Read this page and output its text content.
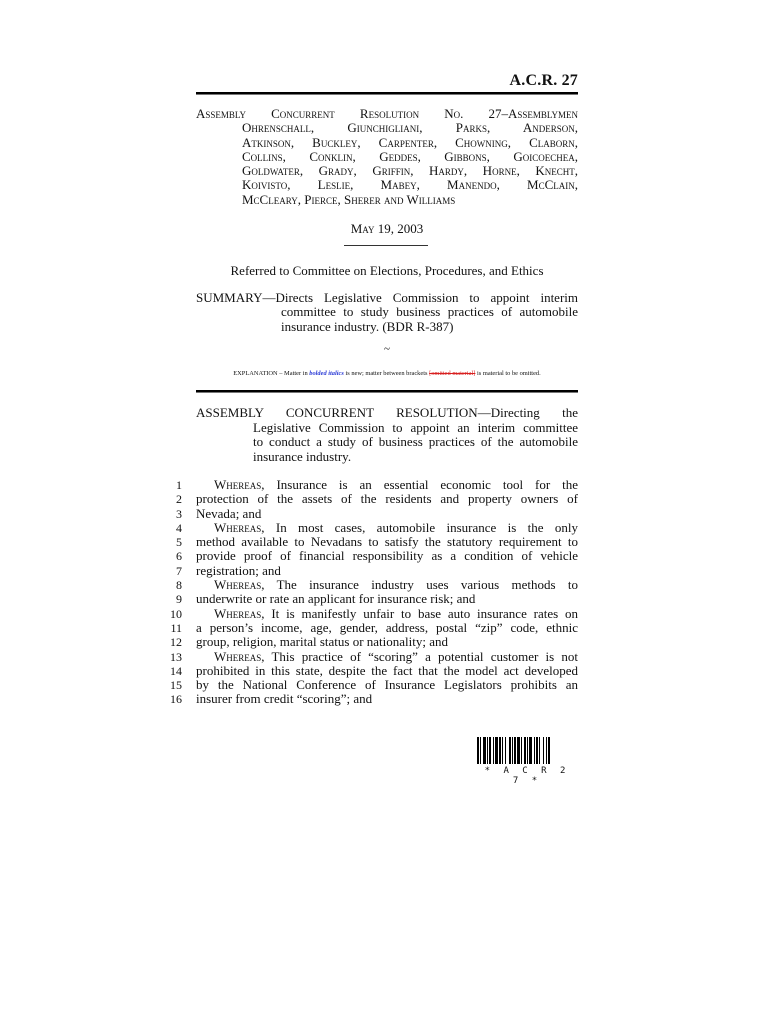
A.C.R. 27
Assembly Concurrent Resolution No. 27–Assemblymen
Ohrenschall, Giunchigliani, Parks, Anderson,
Atkinson, Buckley, Carpenter, Chowning, Claborn,
Collins, Conklin, Geddes, Gibbons, Goicoechea,
Goldwater, Grady, Griffin, Hardy, Horne, Knecht,
Koivisto, Leslie, Mabey, Manendo, McClain,
McCleary, Pierce, Sherer and Williams
May 19, 2003
Referred to Committee on Elections, Procedures, and Ethics
SUMMARY— Directs Legislative Commission to appoint interim
committee to study business practices of automobile
insurance industry. (BDR R-387)
~
EXPLANATION – Matter in bolded italics is new; matter between brackets [omitted material] is material to be omitted.
ASSEMBLY CONCURRENT RESOLUTION—Directing the
Legislative Commission to appoint an interim committee
to conduct a study of business practices of the automobile
insurance industry.
1	Whereas, Insurance is an essential economic tool for the
2	protection of the assets of the residents and property owners of
3	Nevada; and
4	Whereas, In most cases, automobile insurance is the only
5	method available to Nevadans to satisfy the statutory requirement to
6	provide proof of financial responsibility as a condition of vehicle
7	registration; and
8	Whereas, The insurance industry uses various methods to
9	underwrite or rate an applicant for insurance risk; and
10	Whereas, It is manifestly unfair to base auto insurance rates on
11	a person’s income, age, gender, address, postal “zip” code, ethnic
12	group, religion, marital status or nationality; and
13	Whereas, This practice of “scoring” a potential customer is not
14	prohibited in this state, despite the fact that the model act developed
15	by the National Conference of Insurance Legislators prohibits an
16	insurer from credit “scoring”; and
* A C R 2 7 *
